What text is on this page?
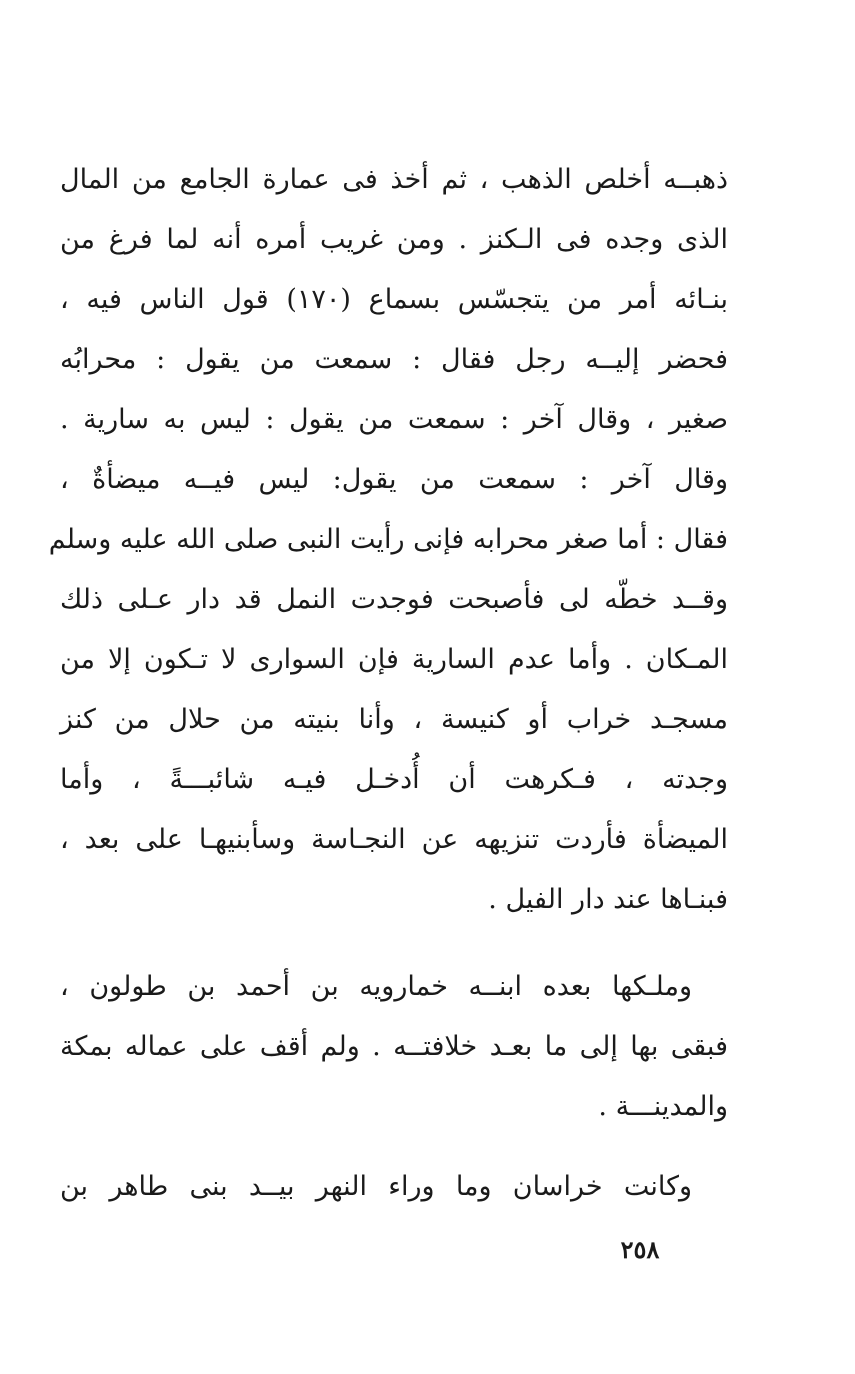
ذهبــه أخلص الذهب ، ثم أخذ فى عمارة الجامع من المال
الذى وجده فى الـكنز . ومن غريب أمره أنه لما فرغ من
بنـائه أمر من يتجسّس بسماع (١٧٠) قول الناس فيه ،
فحضر إليــه رجل فقال : سمعت من يقول : محرابُه
صغير ، وقال آخر : سمعت من يقول : ليس به سارية .
وقال آخر : سمعت من يقول: ليس فيــه ميضأةٌ ،
فقال : أما صغر محرابه فإنى رأيت النبى صلى الله عليه وسلم
وقــد خطّه لى فأصبحت فوجدت النمل قد دار عـلى ذلك
المـكان . وأما عدم السارية فإن السوارى لا تـكون إلا من
مسجـد خراب أو كنيسة ، وأنا بنيته من حلال من كنز
وجدته ، فـكرهت أن أُدخـل فيـه شائبـــةً ، وأما
الميضأة فأردت تنزيهه عن النجـاسة وسأبنيهـا على بعد ،
فبنـاها عند دار الفيل .
وملـكها بعده ابنــه خمارويه بن أحمد بن طولون ،
فبقى بها إلى ما بعـد خلافتــه . ولم أقف على عماله بمكة
والمدينـــة .
وكانت خراسان وما وراء النهر بيــد بنى طاهر بن
٢٥٨
